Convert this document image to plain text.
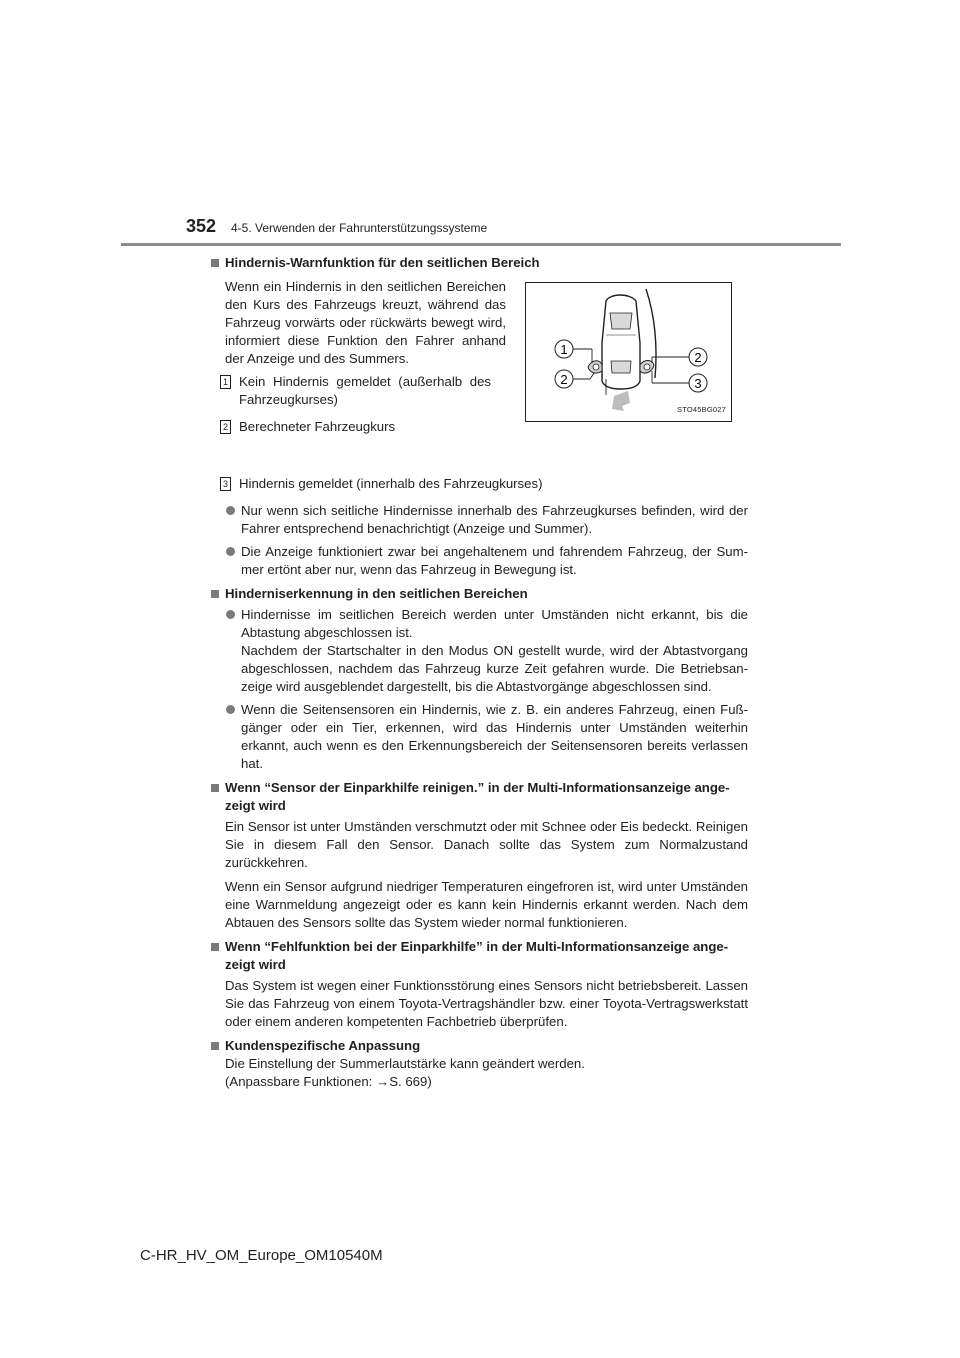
352 4-5. Verwenden der Fahrunterstützungssysteme
Hindernis-Warnfunktion für den seitlichen Bereich
Wenn ein Hindernis in den seitlichen Bereichen den Kurs des Fahrzeugs kreuzt, während das Fahrzeug vorwärts oder rückwärts bewegt wird, informiert diese Funktion den Fahrer anhand der Anzeige und des Summers.
1 Kein Hindernis gemeldet (außerhalb des Fahrzeugkurses)
2 Berechneter Fahrzeugkurs
1
2
2
3
STO45BG027
3 Hindernis gemeldet (innerhalb des Fahrzeugkurses)
Nur wenn sich seitliche Hindernisse innerhalb des Fahrzeugkurses befinden, wird der Fahrer entsprechend benachrichtigt (Anzeige und Summer).
Die Anzeige funktioniert zwar bei angehaltenem und fahrendem Fahrzeug, der Summer ertönt aber nur, wenn das Fahrzeug in Bewegung ist.
Hinderniserkennung in den seitlichen Bereichen
Hindernisse im seitlichen Bereich werden unter Umständen nicht erkannt, bis die Abtastung abgeschlossen ist.
Nachdem der Startschalter in den Modus ON gestellt wurde, wird der Abtastvorgang abgeschlossen, nachdem das Fahrzeug kurze Zeit gefahren wurde. Die Betriebsanzeige wird ausgeblendet dargestellt, bis die Abtastvorgänge abgeschlossen sind.
Wenn die Seitensensoren ein Hindernis, wie z. B. ein anderes Fahrzeug, einen Fußgänger oder ein Tier, erkennen, wird das Hindernis unter Umständen weiterhin erkannt, auch wenn es den Erkennungsbereich der Seitensensoren bereits verlassen hat.
Wenn “Sensor der Einparkhilfe reinigen.” in der Multi-Informationsanzeige angezeigt wird
Ein Sensor ist unter Umständen verschmutzt oder mit Schnee oder Eis bedeckt. Reinigen Sie in diesem Fall den Sensor. Danach sollte das System zum Normalzustand zurückkehren.
Wenn ein Sensor aufgrund niedriger Temperaturen eingefroren ist, wird unter Umständen eine Warnmeldung angezeigt oder es kann kein Hindernis erkannt werden. Nach dem Abtauen des Sensors sollte das System wieder normal funktionieren.
Wenn “Fehlfunktion bei der Einparkhilfe” in der Multi-Informationsanzeige angezeigt wird
Das System ist wegen einer Funktionsstörung eines Sensors nicht betriebsbereit. Lassen Sie das Fahrzeug von einem Toyota-Vertragshändler bzw. einer Toyota-Vertragswerkstatt oder einem anderen kompetenten Fachbetrieb überprüfen.
Kundenspezifische Anpassung
Die Einstellung der Summerlautstärke kann geändert werden.
(Anpassbare Funktionen: →S. 669)
C-HR_HV_OM_Europe_OM10540M
